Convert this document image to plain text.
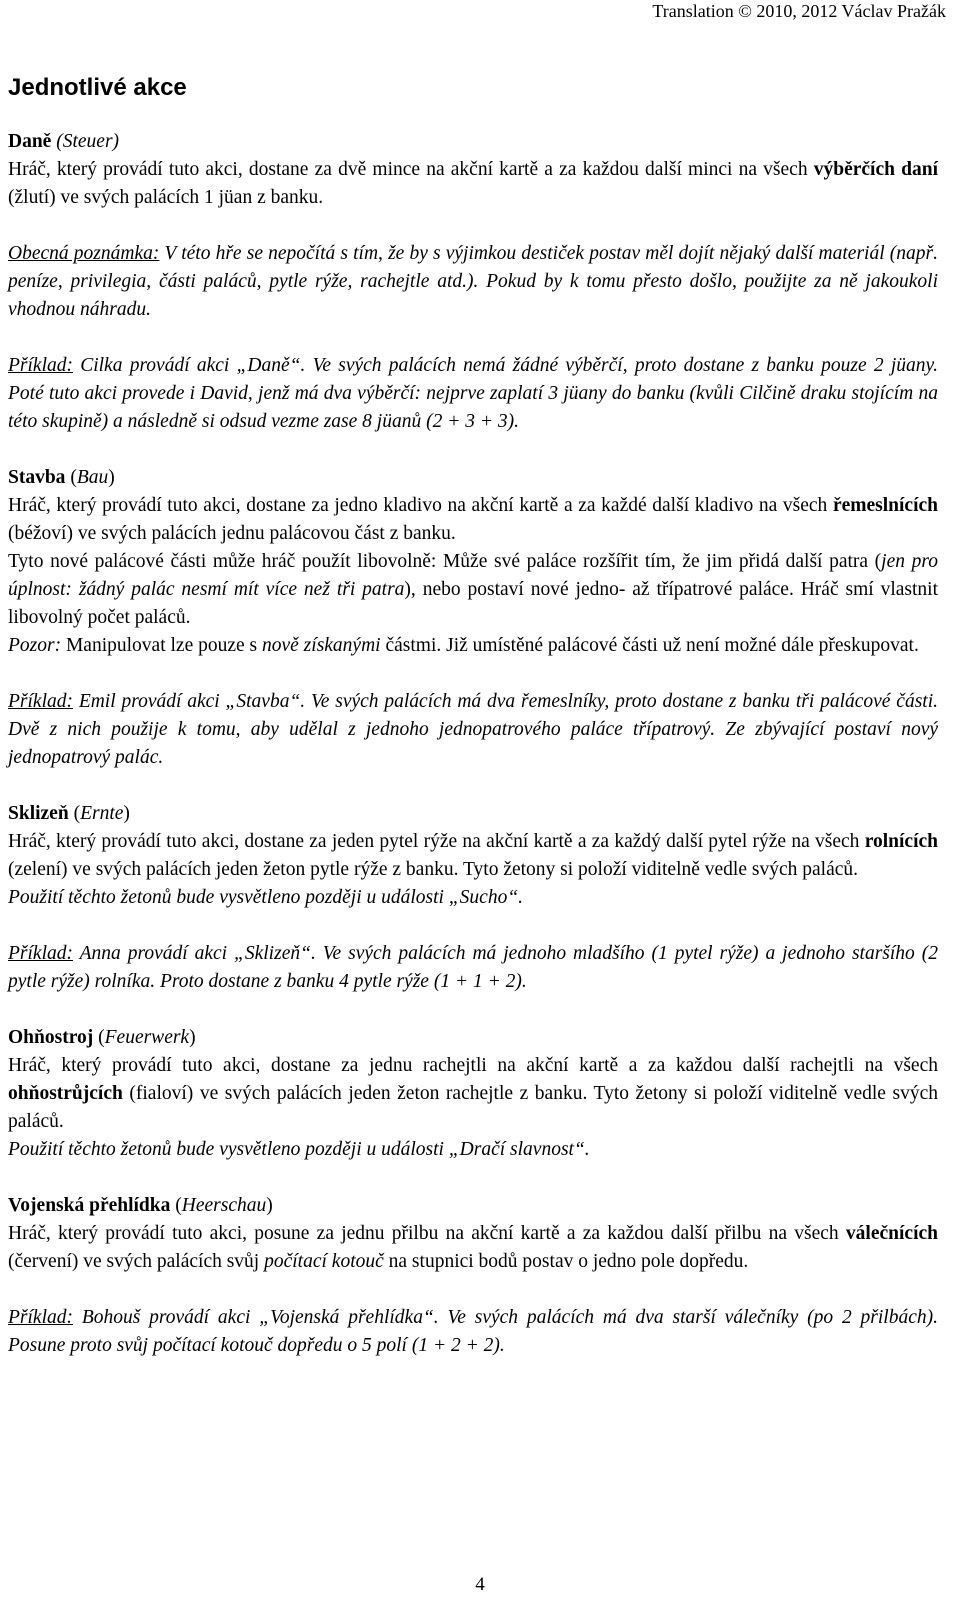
Translation © 2010, 2012 Václav Pražák
Jednotlivé akce

Daně (Steuer)

Hráč, který provádí tuto akci, dostane za dvě mince na akční kartě a za každou další minci na všech výběrčích daní (žlutí) ve svých palácích 1 jüan z banku.

Obecná poznámka: V této hře se nepočítá s tím, že by s výjimkou destiček postav měl dojít nějaký další materiál (např. peníze, privilegia, části paláců, pytle rýže, rachejtle atd.). Pokud by k tomu přesto došlo, použijte za ně jakoukoli vhodnou náhradu.

Příklad: Cilka provádí akci „Daně“. Ve svých palácích nemá žádné výběrčí, proto dostane z banku pouze 2 jüany. Poté tuto akci provede i David, jenž má dva výběrčí: nejprve zaplatí 3 jüany do banku (kvůli Cilčině draku stojícím na této skupině) a následně si odsud vezme zase 8 jüanů (2 + 3 + 3).

Stavba (Bau)

Hráč, který provádí tuto akci, dostane za jedno kladivo na akční kartě a za každé další kladivo na všech řemeslnících (béžoví) ve svých palácích jednu palácovou část z banku.

Tyto nové palácové části může hráč použít libovolně: Může své paláce rozšířit tím, že jim přidá další patra (jen pro úplnost: žádný palác nesmí mít více než tři patra), nebo postaví nové jedno- až třípatrové paláce. Hráč smí vlastnit libovolný počet paláců.

Pozor: Manipulovat lze pouze s nově získanými částmi. Již umístěné palácové části už není možné dále přeskupovat.

Příklad: Emil provádí akci „Stavba“. Ve svých palácích má dva řemeslníky, proto dostane z banku tři palácové části. Dvě z nich použije k tomu, aby udělal z jednoho jednopatrového paláce třípatrový. Ze zbývající postaví nový jednopatrový palác.

Sklizeň (Ernte)

Hráč, který provádí tuto akci, dostane za jeden pytel rýže na akční kartě a za každý další pytel rýže na všech rolnících (zelení) ve svých palácích jeden žeton pytle rýže z banku. Tyto žetony si položí viditelně vedle svých paláců.

Použití těchto žetonů bude vysvětleno později u události „Sucho“.

Příklad: Anna provádí akci „Sklizeň“. Ve svých palácích má jednoho mladšího (1 pytel rýže) a jednoho staršího (2 pytle rýže) rolníka. Proto dostane z banku 4 pytle rýže (1 + 1 + 2).

Ohňostroj (Feuerwerk)

Hráč, který provádí tuto akci, dostane za jednu rachejtli na akční kartě a za každou další rachejtli na všech ohňostrůjcích (fialoví) ve svých palácích jeden žeton rachejtle z banku. Tyto žetony si položí viditelně vedle svých paláců.

Použití těchto žetonů bude vysvětleno později u události „Dračí slavnost“.

Vojenská přehlídka (Heerschau)

Hráč, který provádí tuto akci, posune za jednu přilbu na akční kartě a za každou další přilbu na všech válečnících (červení) ve svých palácích svůj počítací kotouč na stupnici bodů postav o jedno pole dopředu.

Příklad: Bohouš provádí akci „Vojenská přehlídka“. Ve svých palácích má dva starší válečníky (po 2 přilbách). Posune proto svůj počítací kotouč dopředu o 5 polí (1 + 2 + 2).

4
